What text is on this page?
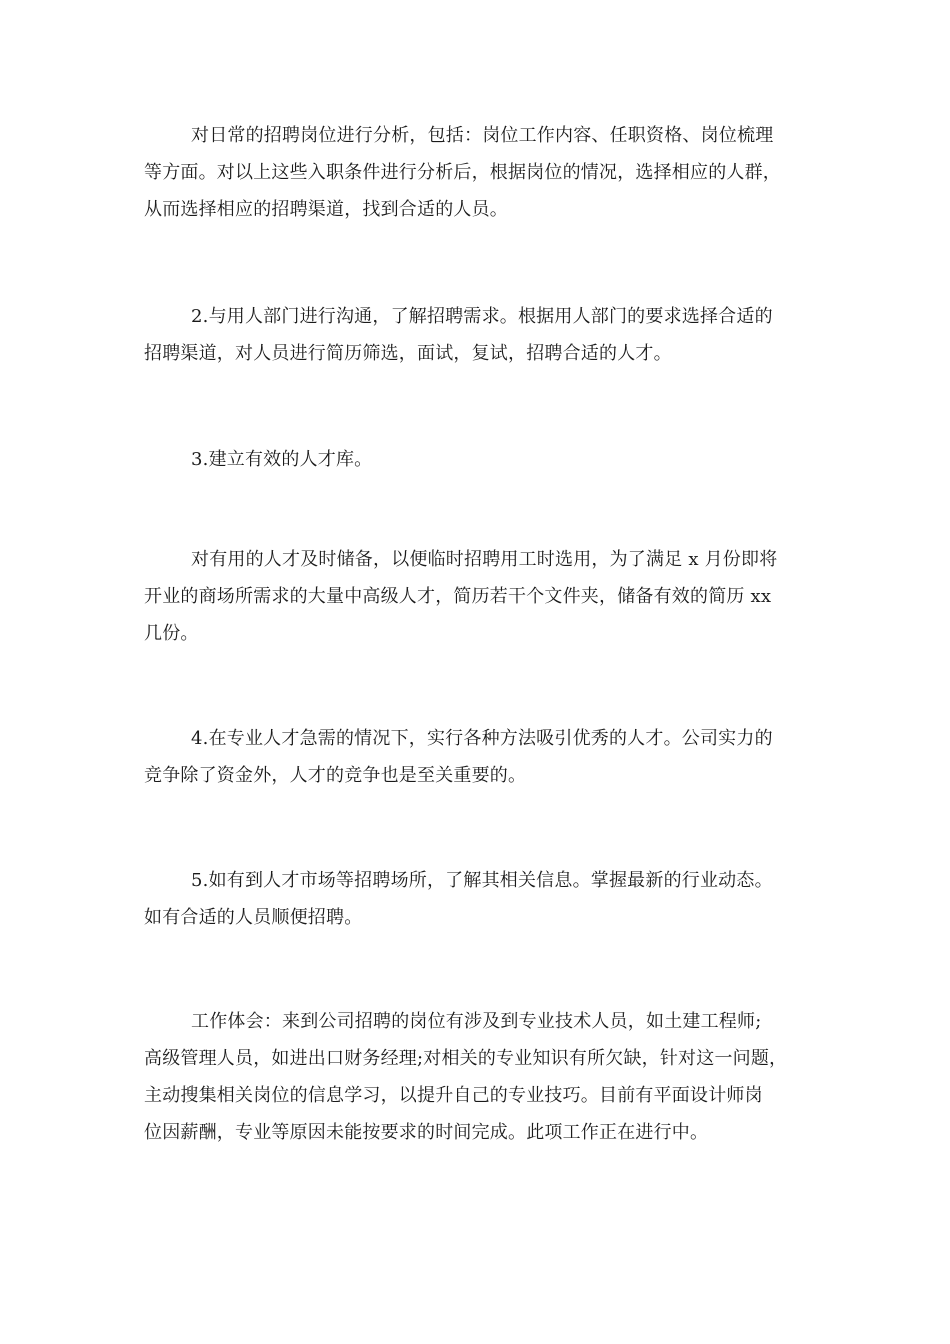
对日常的招聘岗位进行分析，包括：岗位工作内容、任职资格、岗位梳理
等方面。对以上这些入职条件进行分析后，根据岗位的情况，选择相应的人群，
从而选择相应的招聘渠道，找到合适的人员。
2.与用人部门进行沟通，了解招聘需求。根据用人部门的要求选择合适的
招聘渠道，对人员进行简历筛选，面试，复试，招聘合适的人才。
3.建立有效的人才库。
对有用的人才及时储备，以便临时招聘用工时选用，为了满足 x 月份即将
开业的商场所需求的大量中高级人才，简历若干个文件夹，储备有效的简历 xx
几份。
4.在专业人才急需的情况下，实行各种方法吸引优秀的人才。公司实力的
竞争除了资金外，人才的竞争也是至关重要的。
5.如有到人才市场等招聘场所，了解其相关信息。掌握最新的行业动态。
如有合适的人员顺便招聘。
工作体会：来到公司招聘的岗位有涉及到专业技术人员，如土建工程师;
高级管理人员，如进出口财务经理;对相关的专业知识有所欠缺，针对这一问题，
主动搜集相关岗位的信息学习，以提升自己的专业技巧。目前有平面设计师岗
位因薪酬，专业等原因未能按要求的时间完成。此项工作正在进行中。
